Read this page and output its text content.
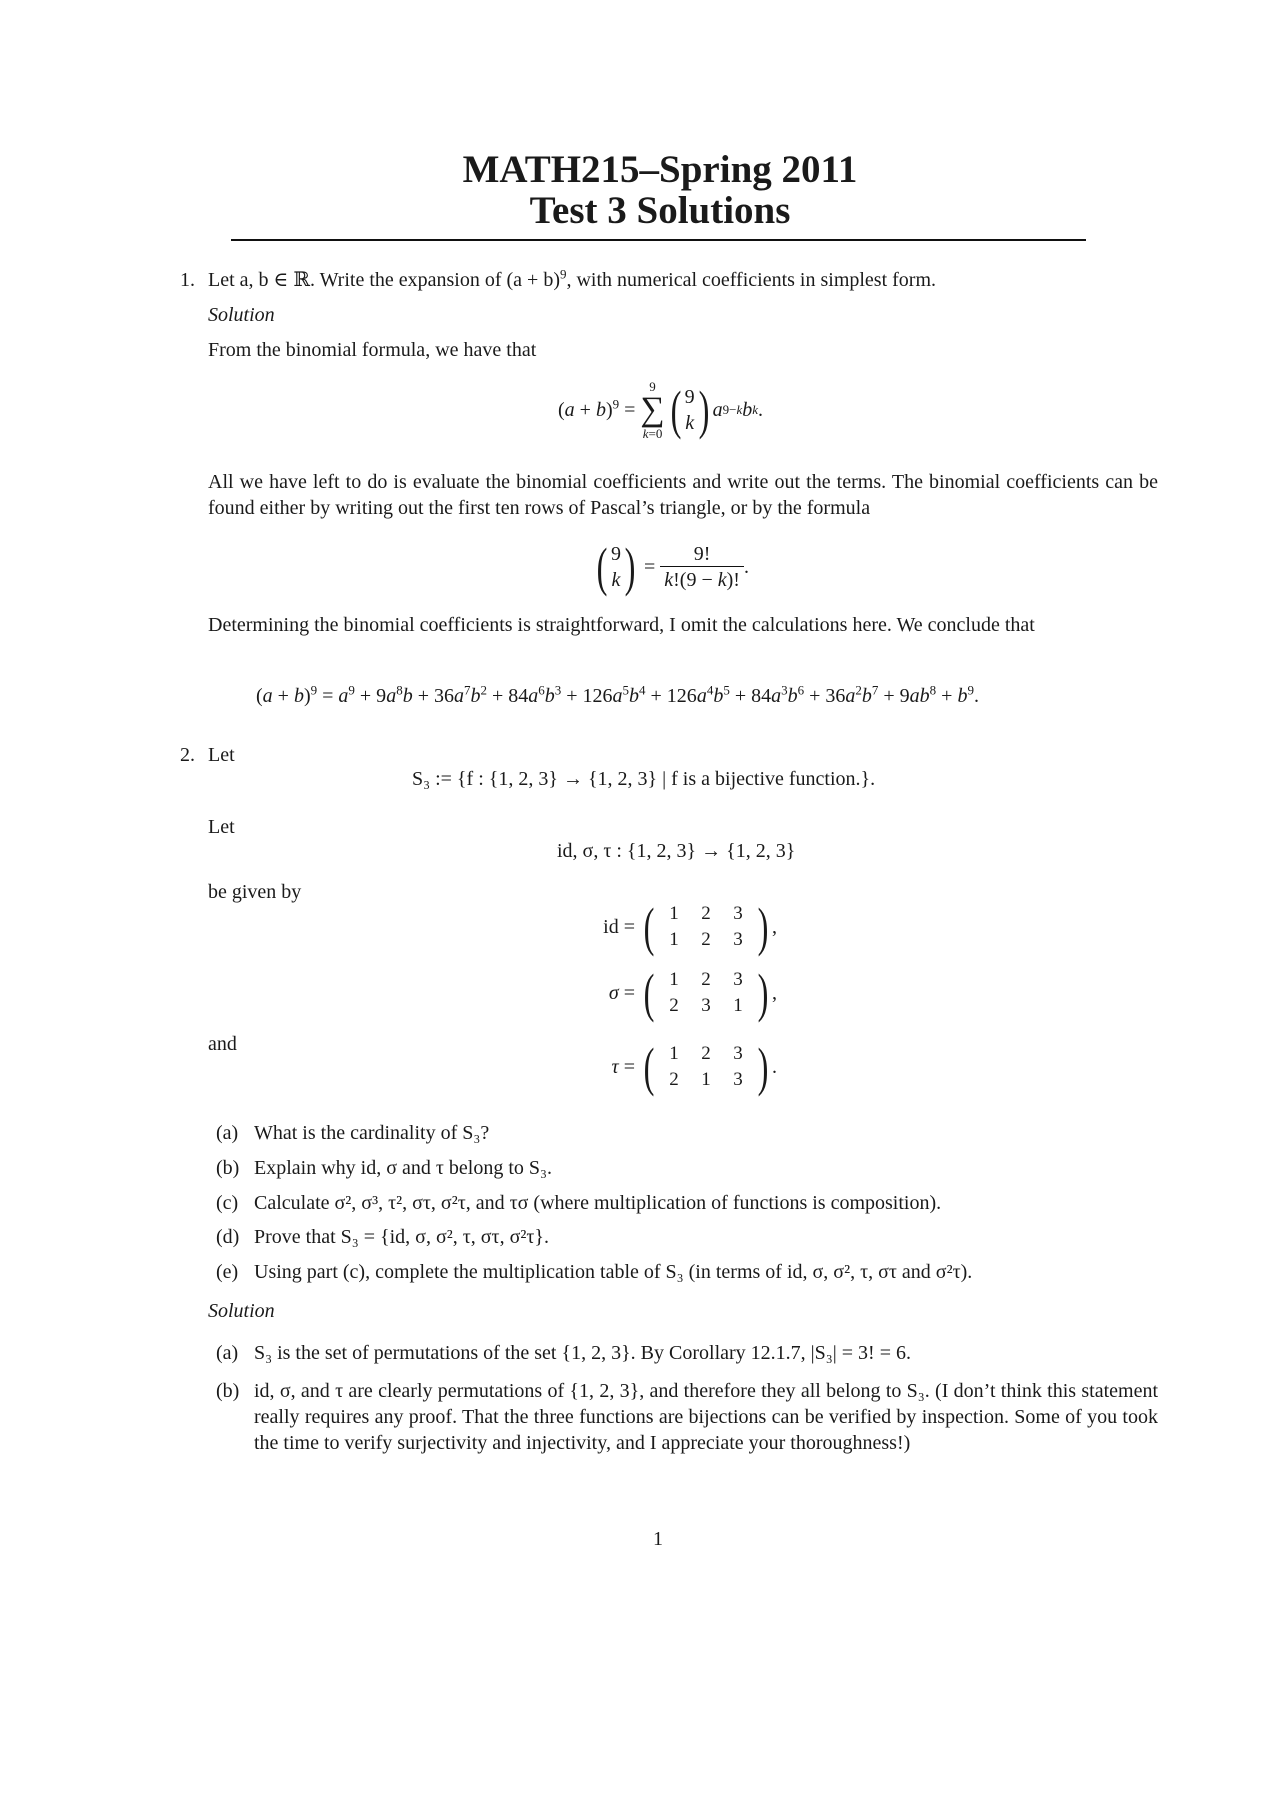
MATH215–Spring 2011
Test 3 Solutions
1. Let a, b ∈ ℝ. Write the expansion of $(a + b)^9$, with numerical coefficients in simplest form.
Solution
From the binomial formula, we have that
$(a + b)^9$ =
9
∑
k=0 ( 9
k ) a 9−k b k .
All we have left to do is evaluate the binomial coefficients and write out the terms. The binomial coefficients can be found either by writing out the first ten rows of Pascal’s triangle, or by the formula
( 9
k ) = $\frac{9!}{k!(9 - k)!}$ .
Determining the binomial coefficients is straightforward, I omit the calculations here. We conclude that
$(a + b)^9 = a^9 + 9a^8b + 36a^7b^2 + 84a^6b^3 + 126a^5b^4 + 126a^4b^5 + 84a^3b^6 + 36a^2b^7 + 9ab^8 + b^9$.
2. Let
S₃ := {f : {1, 2, 3} → {1, 2, 3} | f is a bijective function.}.
Let
id, σ, τ : {1, 2, 3} → {1, 2, 3}
be given by
id = ( 1	2	3
1	2	3 ) ,
σ = ( 1	2	3
2	3	1 ) ,
and
τ = ( 1	2	3
2	1	3 ) .
(a) What is the cardinality of S₃?
(b) Explain why id, σ and τ belong to S₃.
(c) Calculate σ², σ³, τ², στ, σ²τ, and τσ (where multiplication of functions is composition).
(d) Prove that S₃ = {id, σ, σ², τ, στ, σ²τ}.
(e) Using part (c), complete the multiplication table of S₃ (in terms of id, σ, σ², τ, στ and σ²τ).
Solution
(a) S₃ is the set of permutations of the set {1, 2, 3}. By Corollary 12.1.7, |S₃| = 3! = 6.
(b) id, σ, and τ are clearly permutations of {1, 2, 3}, and therefore they all belong to S₃. (I don’t think this statement really requires any proof. That the three functions are bijections can be verified by inspection. Some of you took the time to verify surjectivity and injectivity, and I appreciate your thoroughness!)
1
